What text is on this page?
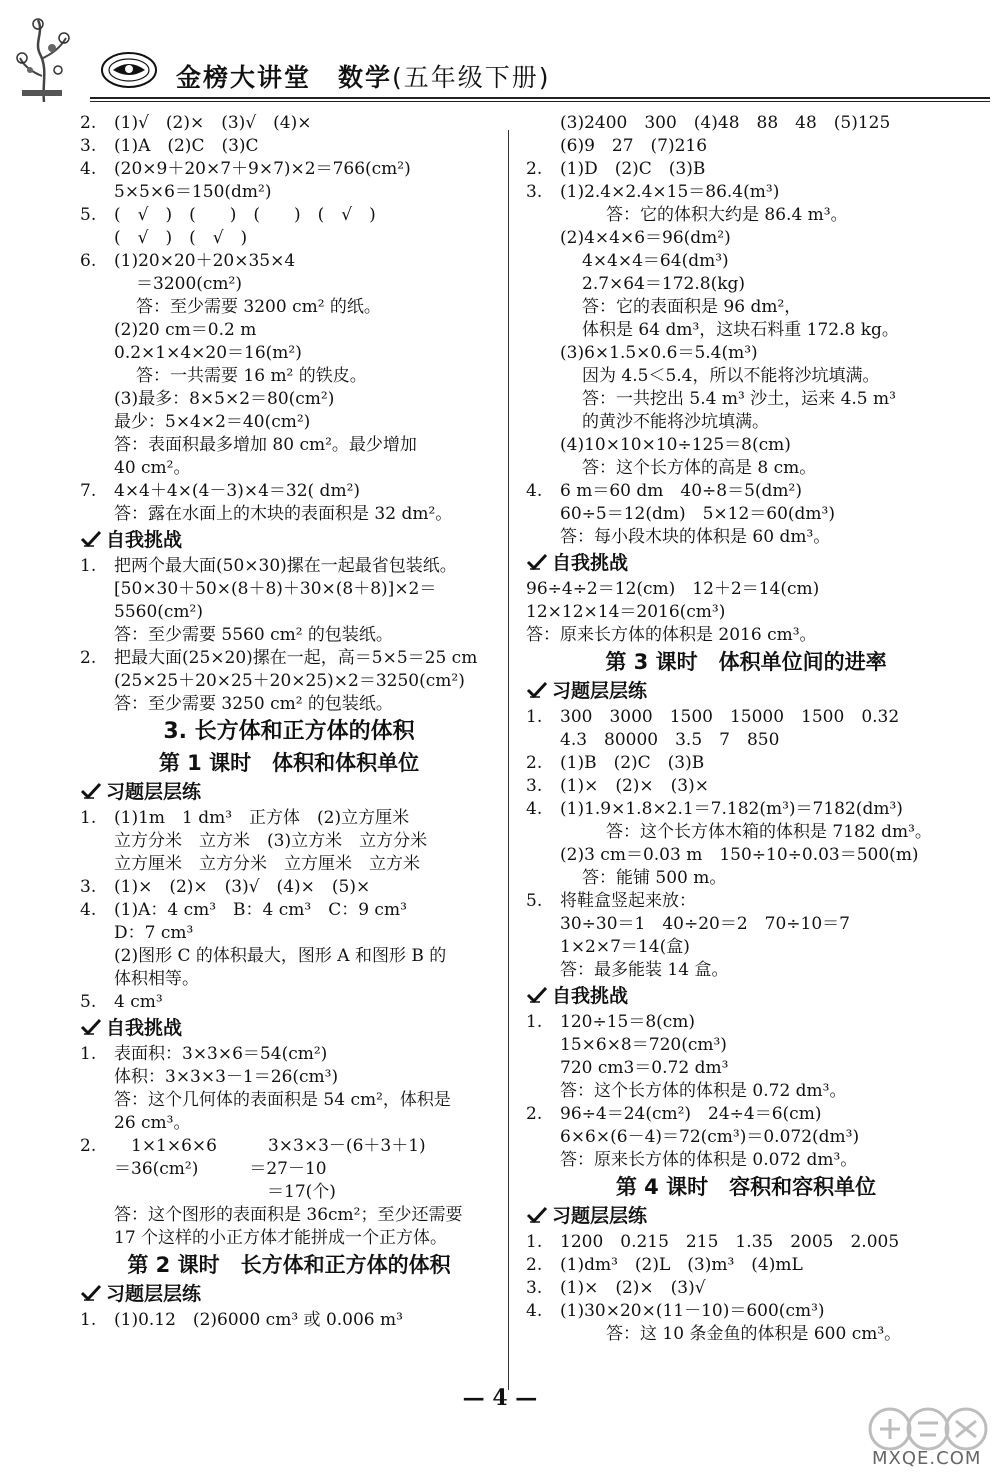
金榜大讲堂　数学(五年级下册)
2. (1)√　(2)×　(3)√　(4)×
3. (1)A　(2)C　(3)C
4. (20×9＋20×7＋9×7)×2＝766(cm²)
5×5×6＝150(dm²)
5. (　√　)　(　　)　(　　)　(　√　)
(　√　)　(　√　)
6. (1)20×20＋20×35×4
＝3200(cm²)
答：至少需要 3200 cm² 的纸。
(2)20 cm＝0.2 m
0.2×1×4×20＝16(m²)
答：一共需要 16 m² 的铁皮。
(3)最多：8×5×2＝80(cm²)
最少：5×4×2＝40(cm²)
答：表面积最多增加 80 cm²。最少增加
40 cm²。
7. 4×4＋4×(4－3)×4＝32( dm²)
答：露在水面上的木块的表面积是 32 dm²。
自我挑战
1. 把两个最大面(50×30)摞在一起最省包装纸。
[50×30＋50×(8＋8)＋30×(8＋8)]×2＝
5560(cm²)
答：至少需要 5560 cm² 的包装纸。
2. 把最大面(25×20)摞在一起，高＝5×5＝25 cm
(25×25＋20×25＋20×25)×2＝3250(cm²)
答：至少需要 3250 cm² 的包装纸。
3. 长方体和正方体的体积
第 1 课时　体积和体积单位
习题层层练
1. (1)1m　1 dm³　正方体　(2)立方厘米
立方分米　立方米　(3)立方米　立方分米
立方厘米　立方分米　立方厘米　立方米
3. (1)×　(2)×　(3)√　(4)×　(5)×
4. (1)A：4 cm³　B：4 cm³　C：9 cm³
D：7 cm³
(2)图形 C 的体积最大，图形 A 和图形 B 的
体积相等。
5. 4 cm³
自我挑战
1. 表面积：3×3×6＝54(cm²)
体积：3×3×3－1＝26(cm³)
答：这个几何体的表面积是 54 cm²，体积是
26 cm³。
2.　1×1×6×6　　　3×3×3－(6＋3＋1)
＝36(cm²)　　　＝27－10
　　　　　　　　　＝17(个)
答：这个图形的表面积是 36cm²；至少还需要
17 个这样的小正方体才能拼成一个正方体。
第 2 课时　长方体和正方体的体积
习题层层练
1. (1)0.12　(2)6000 cm³ 或 0.006 m³
(3)2400　300　(4)48　88　48　(5)125
(6)9　27　(7)216
2. (1)D　(2)C　(3)B
3. (1)2.4×2.4×15＝86.4(m³)
答：它的体积大约是 86.4 m³。
(2)4×4×6＝96(dm²)
4×4×4＝64(dm³)
2.7×64＝172.8(kg)
答：它的表面积是 96 dm²，
体积是 64 dm³，这块石料重 172.8 kg。
(3)6×1.5×0.6＝5.4(m³)
因为 4.5＜5.4，所以不能将沙坑填满。
答：一共挖出 5.4 m³ 沙土，运来 4.5 m³
的黄沙不能将沙坑填满。
(4)10×10×10÷125＝8(cm)
答：这个长方体的高是 8 cm。
4. 6 m＝60 dm　40÷8＝5(dm²)
60÷5＝12(dm)　5×12＝60(dm³)
答：每小段木块的体积是 60 dm³。
自我挑战
96÷4÷2＝12(cm)　12＋2＝14(cm)
12×12×14＝2016(cm³)
答：原来长方体的体积是 2016 cm³。
第 3 课时　体积单位间的进率
习题层层练
1. 300　3000　1500　15000　1500　0.32
4.3　80000　3.5　7　850
2. (1)B　(2)C　(3)B
3. (1)×　(2)×　(3)×
4. (1)1.9×1.8×2.1＝7.182(m³)＝7182(dm³)
答：这个长方体木箱的体积是 7182 dm³。
(2)3 cm＝0.03 m　150÷10÷0.03＝500(m)
答：能铺 500 m。
5. 将鞋盒竖起来放：
30÷30＝1　40÷20＝2　70÷10＝7
1×2×7＝14(盒)
答：最多能装 14 盒。
自我挑战
1. 120÷15＝8(cm)
15×6×8＝720(cm³)
720 cm3＝0.72 dm³
答：这个长方体的体积是 0.72 dm³。
2. 96÷4＝24(cm²)　24÷4＝6(cm)
6×6×(6－4)＝72(cm³)＝0.072(dm³)
答：原来长方体的体积是 0.072 dm³。
第 4 课时　容积和容积单位
习题层层练
1. 1200　0.215　215　1.35　2005　2.005
2. (1)dm³　(2)L　(3)m³　(4)mL
3. (1)×　(2)×　(3)√
4. (1)30×20×(11－10)＝600(cm³)
答：这 10 条金鱼的体积是 600 cm³。
— 4 —
MXQE.COM
